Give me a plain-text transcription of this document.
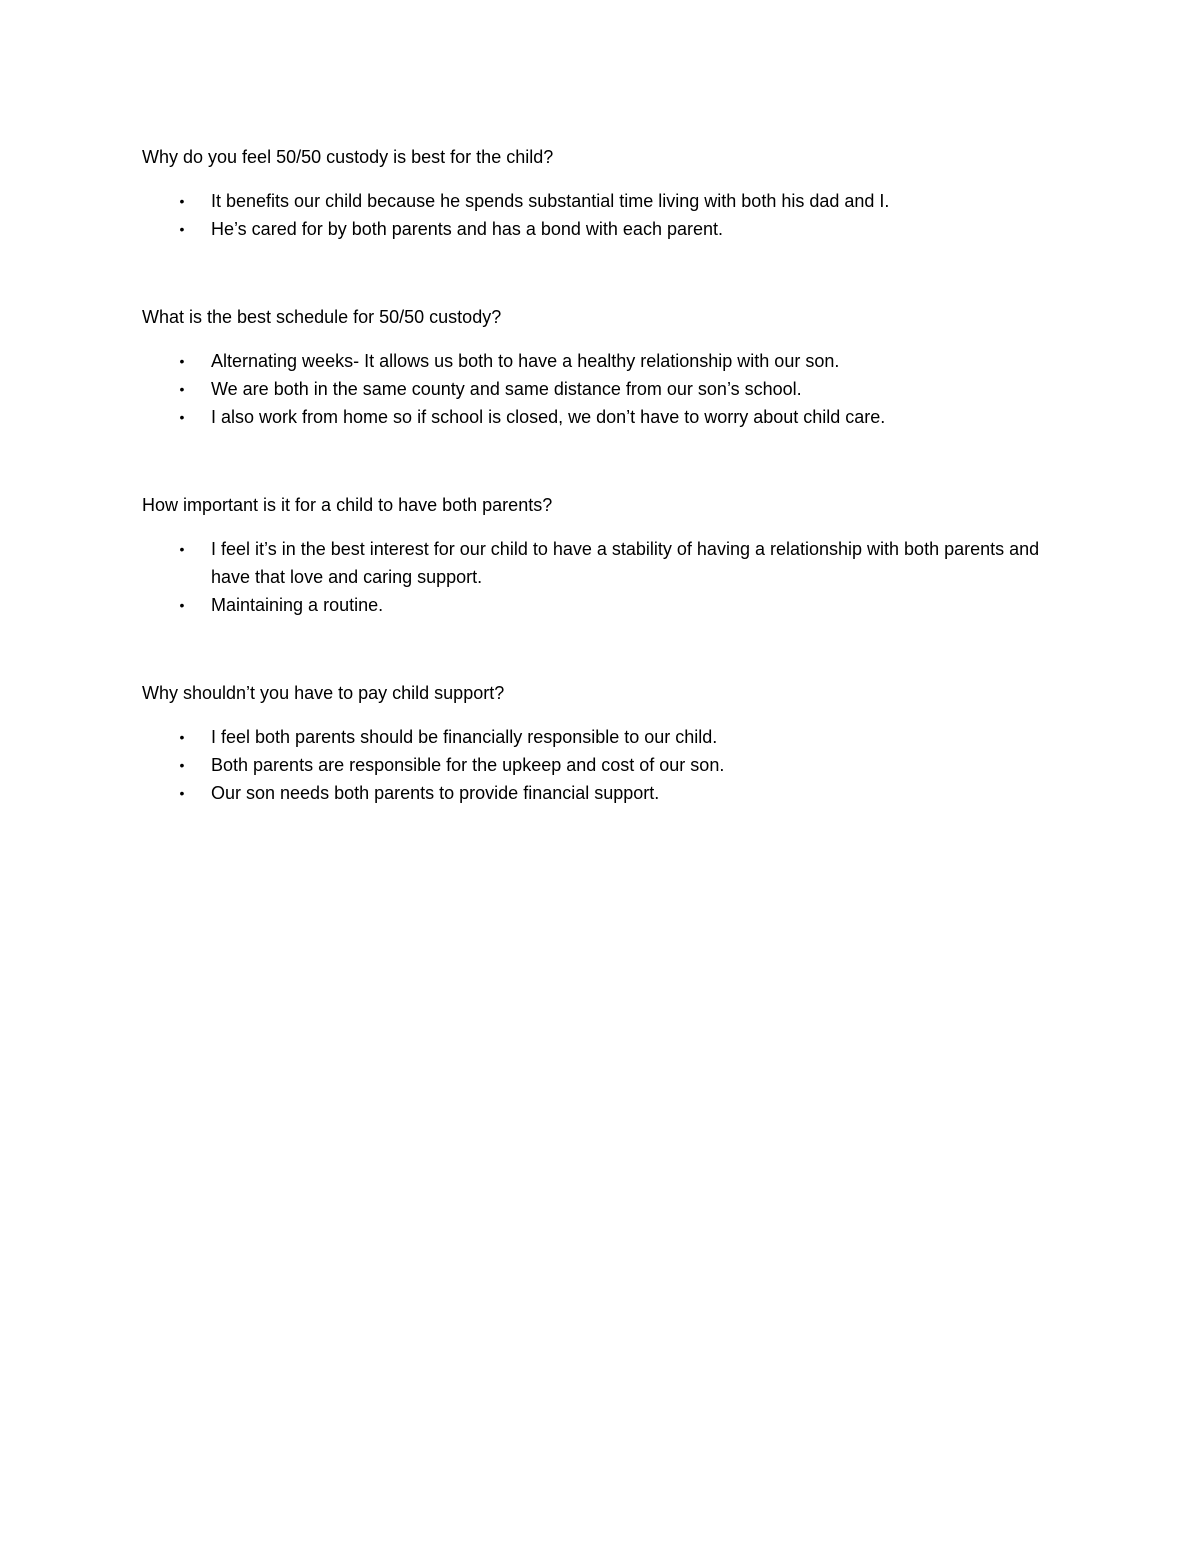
Why do you feel 50/50 custody is best for the child?
• It benefits our child because he spends substantial time living with both his dad and I.
• He’s cared for by both parents and has a bond with each parent.
What is the best schedule for 50/50 custody?
• Alternating weeks- It allows us both to have a healthy relationship with our son.
• We are both in the same county and same distance from our son’s school.
• I also work from home so if school is closed, we don’t have to worry about child care.
How important is it for a child to have both parents?
• I feel it’s in the best interest for our child to have a stability of having a relationship with both parents and have that love and caring support.
• Maintaining a routine.
Why shouldn’t you have to pay child support?
• I feel both parents should be financially responsible to our child.
• Both parents are responsible for the upkeep and cost of our son.
• Our son needs both parents to provide financial support.
